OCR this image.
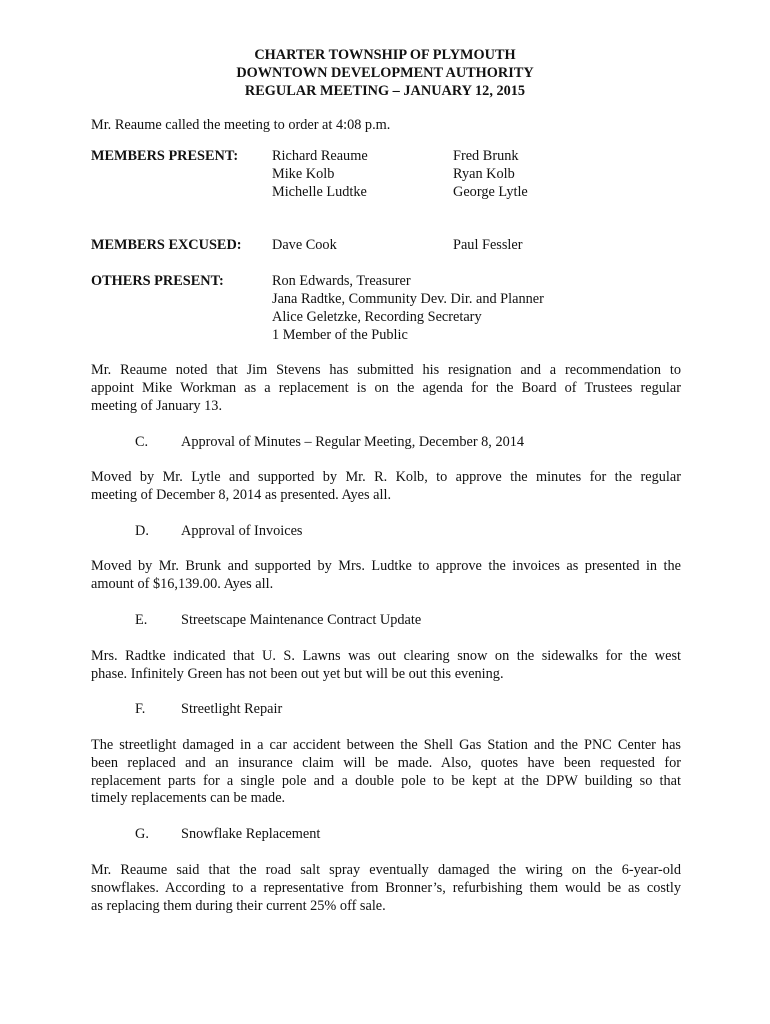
CHARTER TOWNSHIP OF PLYMOUTH
DOWNTOWN DEVELOPMENT AUTHORITY
REGULAR MEETING – JANUARY 12, 2015
Mr. Reaume called the meeting to order at 4:08 p.m.
MEMBERS PRESENT: Richard Reaume
Mike Kolb
Michelle Ludtke
Fred Brunk
Ryan Kolb
George Lytle
MEMBERS EXCUSED: Dave Cook	Paul Fessler
OTHERS PRESENT:	Ron Edwards, Treasurer
Jana Radtke, Community Dev. Dir. and Planner
Alice Geletzke, Recording Secretary
1 Member of the Public
Mr. Reaume noted that Jim Stevens has submitted his resignation and a recommendation to
appoint Mike Workman as a replacement is on the agenda for the Board of Trustees regular
meeting of January 13.
C. Approval of Minutes – Regular Meeting, December 8, 2014
Moved by Mr. Lytle and supported by Mr. R. Kolb, to approve the minutes for the regular
meeting of December 8, 2014 as presented. Ayes all.
D. Approval of Invoices
Moved by Mr. Brunk and supported by Mrs. Ludtke to approve the invoices as presented in the
amount of $16,139.00. Ayes all.
E. Streetscape Maintenance Contract Update
Mrs. Radtke indicated that U. S. Lawns was out clearing snow on the sidewalks for the west
phase. Infinitely Green has not been out yet but will be out this evening.
F. Streetlight Repair
The streetlight damaged in a car accident between the Shell Gas Station and the PNC Center has
been replaced and an insurance claim will be made. Also, quotes have been requested for
replacement parts for a single pole and a double pole to be kept at the DPW building so that
timely replacements can be made.
G. Snowflake Replacement
Mr. Reaume said that the road salt spray eventually damaged the wiring on the 6-year-old
snowflakes. According to a representative from Bronner’s, refurbishing them would be as costly
as replacing them during their current 25% off sale.
